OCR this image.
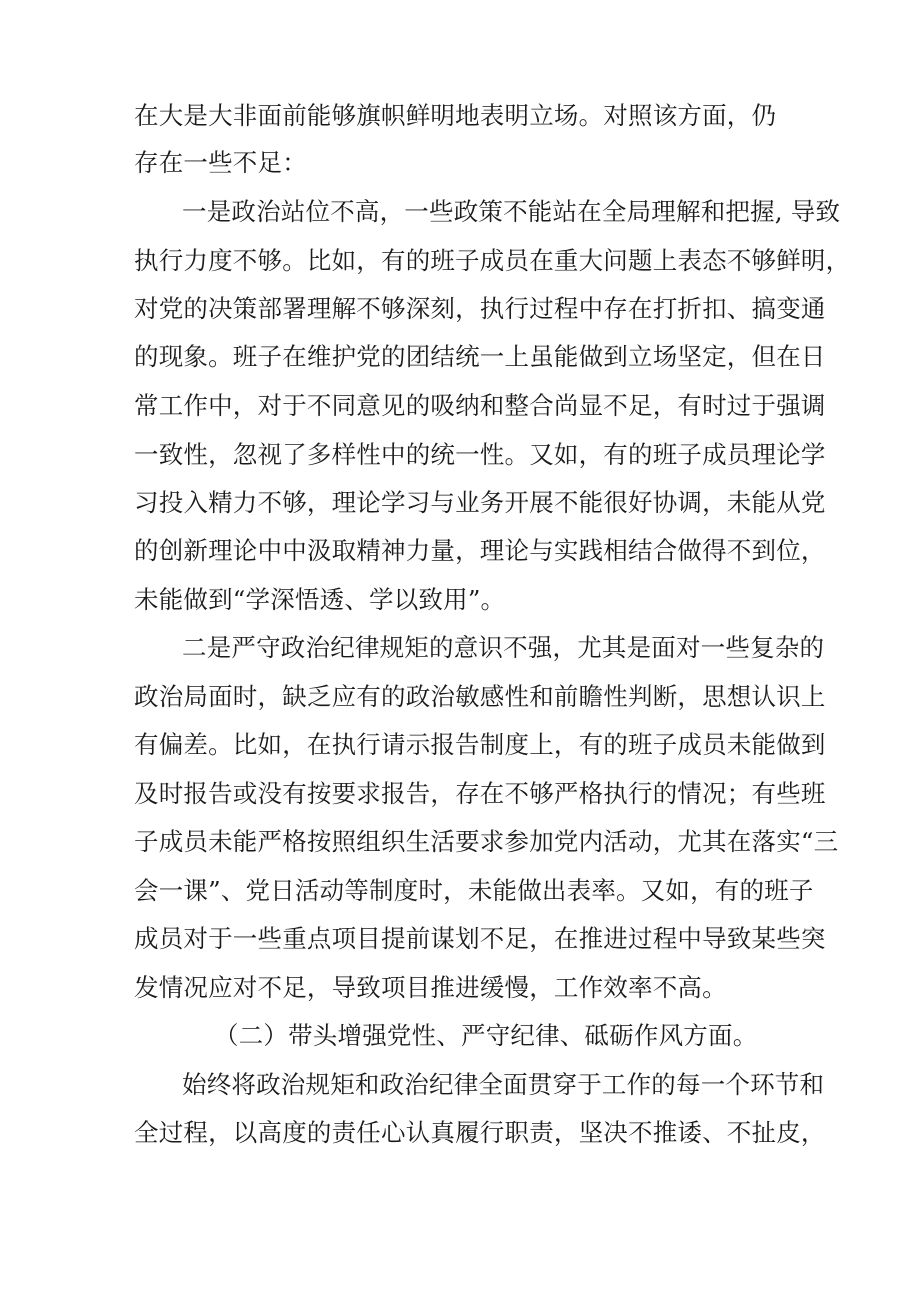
在大是大非面前能够旗帜鲜明地表明立场。对照该方面，仍
存在一些不足：
一是政治站位不高，一些政策不能站在全局理解和把握, 导致
执行力度不够。比如，有的班子成员在重大问题上表态不够鲜明，
对党的决策部署理解不够深刻，执行过程中存在打折扣、搞变通
的现象。班子在维护党的团结统一上虽能做到立场坚定，但在日
常工作中，对于不同意见的吸纳和整合尚显不足，有时过于强调
一致性，忽视了多样性中的统一性。又如，有的班子成员理论学
习投入精力不够，理论学习与业务开展不能很好协调，未能从党
的创新理论中中汲取精神力量，理论与实践相结合做得不到位，
未能做到“学深悟透、学以致用”。
二是严守政治纪律规矩的意识不强，尤其是面对一些复杂的
政治局面时，缺乏应有的政治敏感性和前瞻性判断，思想认识上
有偏差。比如，在执行请示报告制度上，有的班子成员未能做到
及时报告或没有按要求报告，存在不够严格执行的情况；有些班
子成员未能严格按照组织生活要求参加党内活动，尤其在落实“三
会一课”、党日活动等制度时，未能做出表率。又如，有的班子
成员对于一些重点项目提前谋划不足，在推进过程中导致某些突
发情况应对不足，导致项目推进缓慢，工作效率不高。
（二）带头增强党性、严守纪律、砥砺作风方面。
始终将政治规矩和政治纪律全面贯穿于工作的每一个环节和
全过程，以高度的责任心认真履行职责，坚决不推诿、不扯皮，
